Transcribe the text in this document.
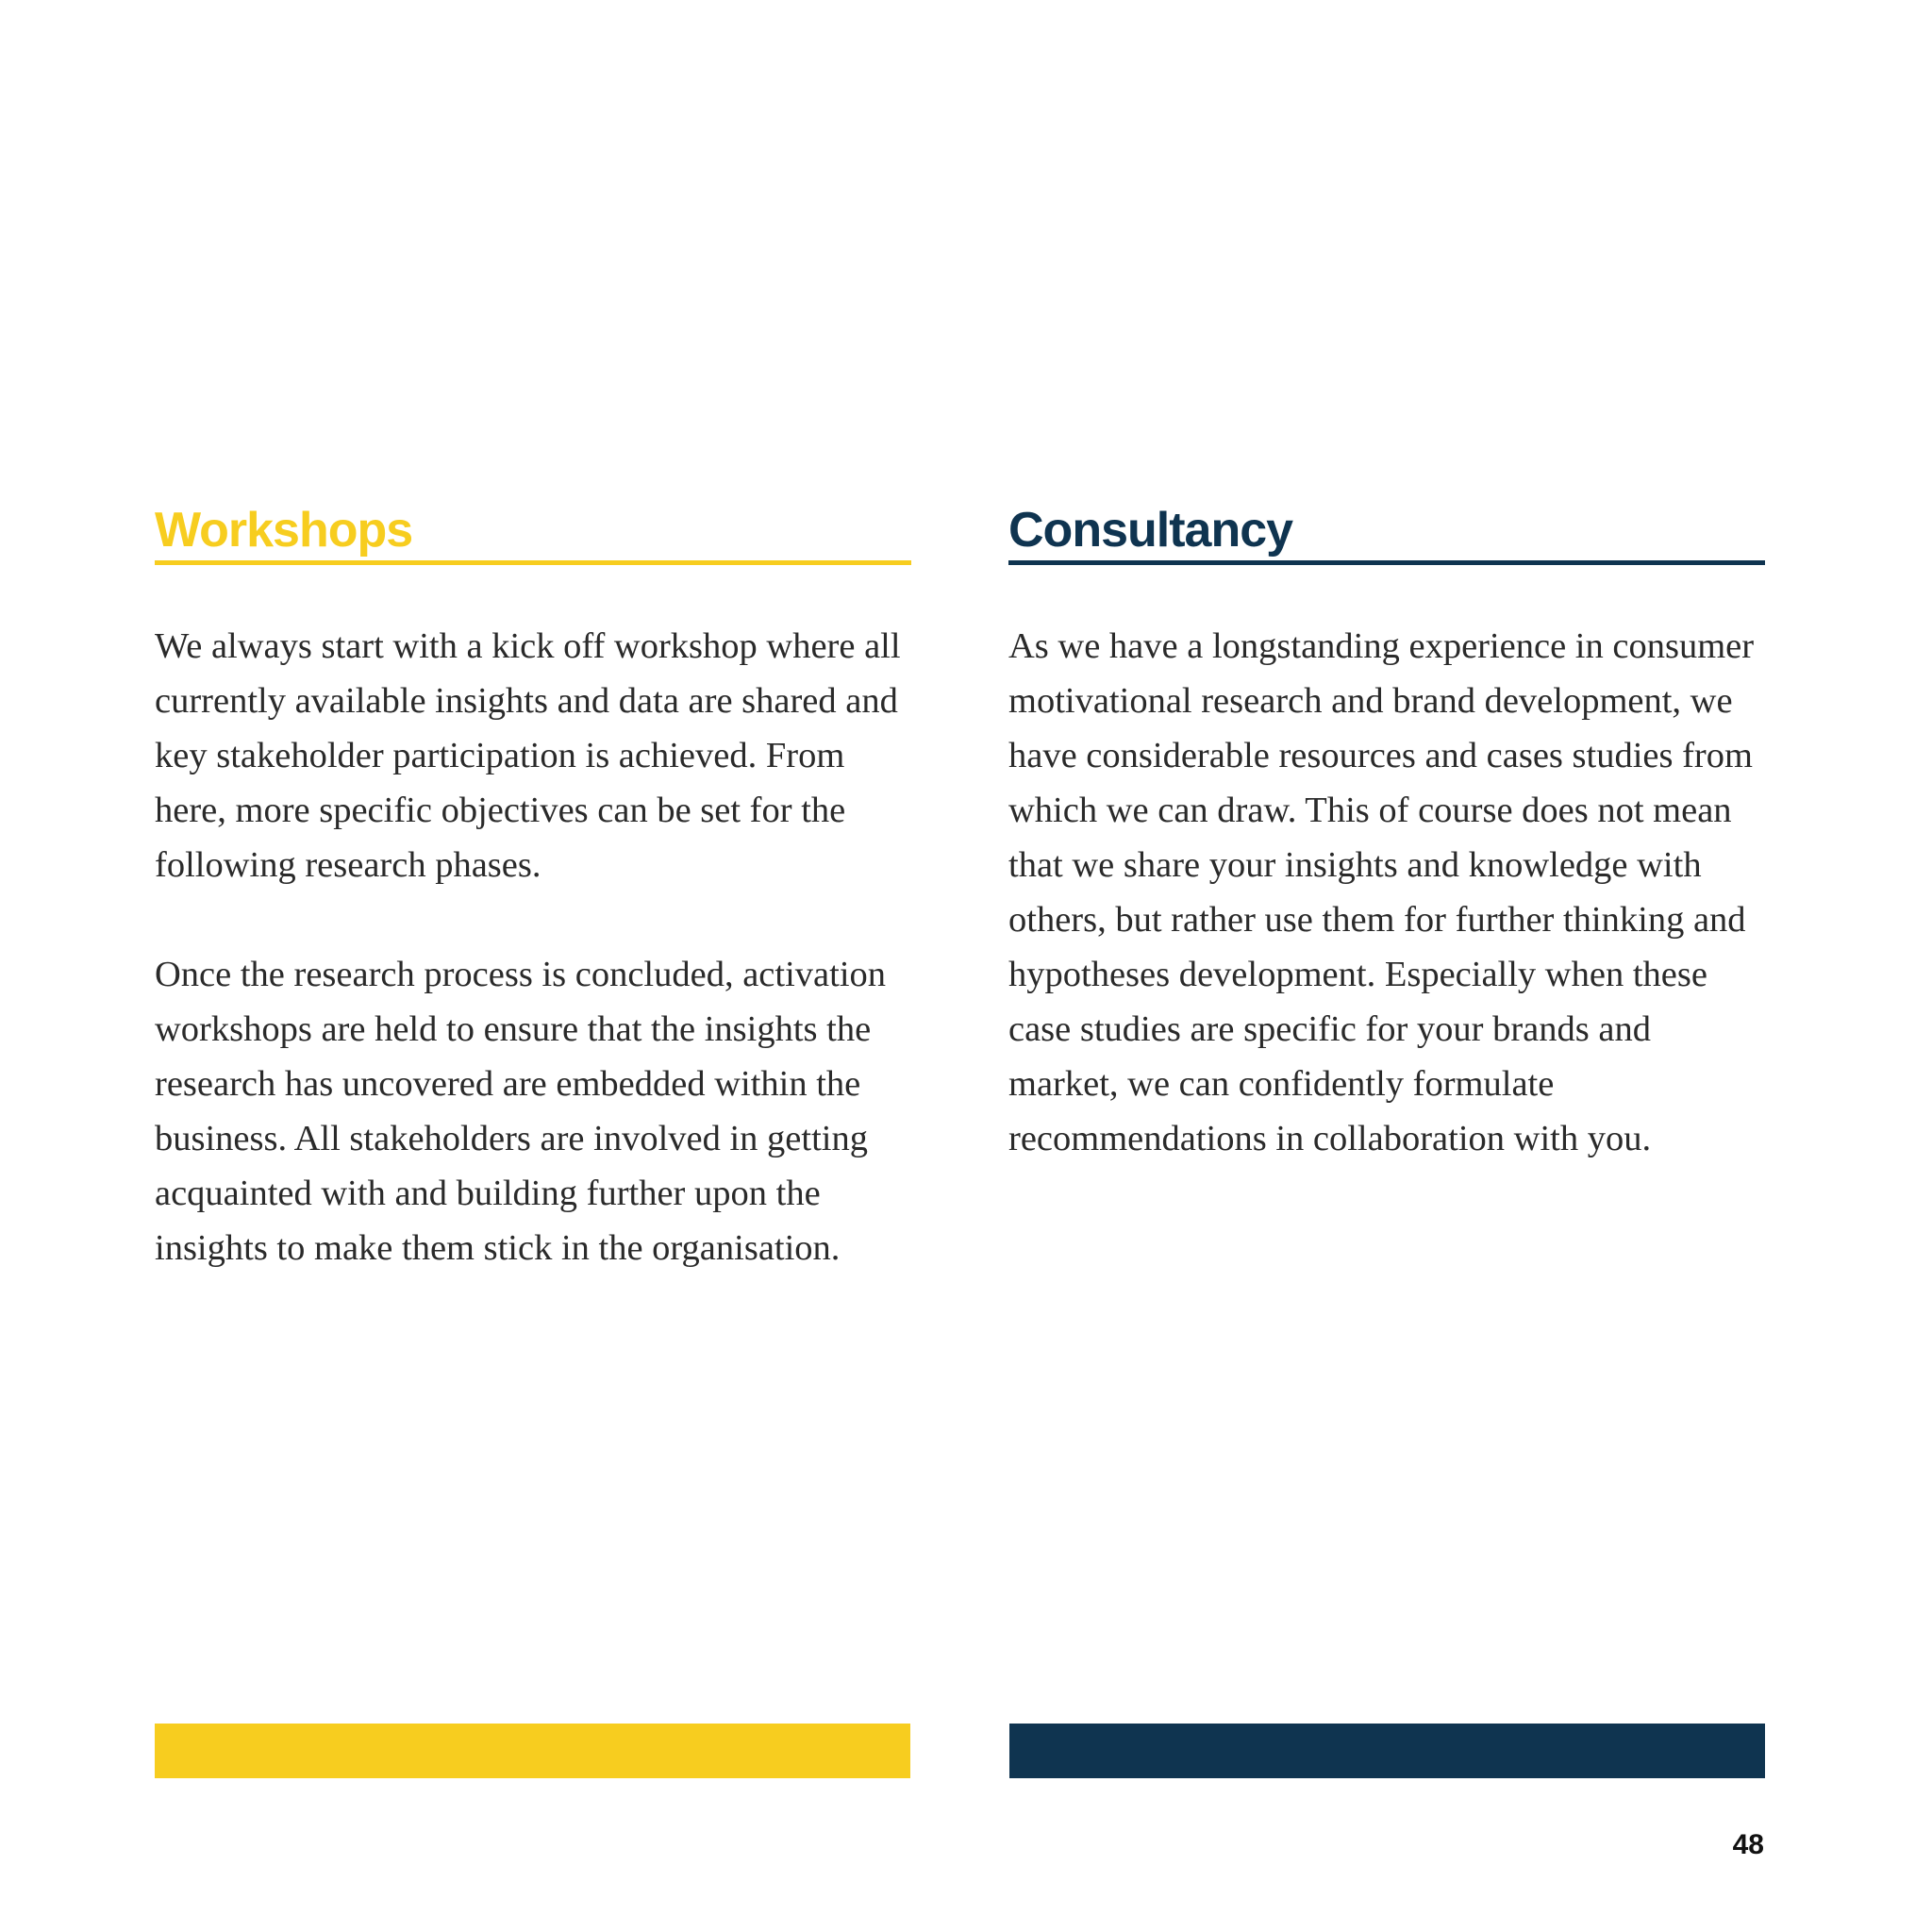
Workshops

We always start with a kick off workshop where all currently available insights and data are shared and key stakeholder participation is achieved. From here, more specific objectives can be set for the following research phases.

Once the research process is concluded, activation workshops are held to ensure that the insights the research has uncovered are embedded within the business. All stakeholders are involved in getting acquainted with and building further upon the insights to make them stick in the organisation.

Consultancy

As we have a longstanding experience in consumer motivational research and brand development, we have considerable resources and cases studies from which we can draw. This of course does not mean that we share your insights and knowledge with others, but rather use them for further thinking and hypotheses development. Especially when these case studies are specific for your brands and market, we can confidently formulate recommendations in collaboration with you.

48
